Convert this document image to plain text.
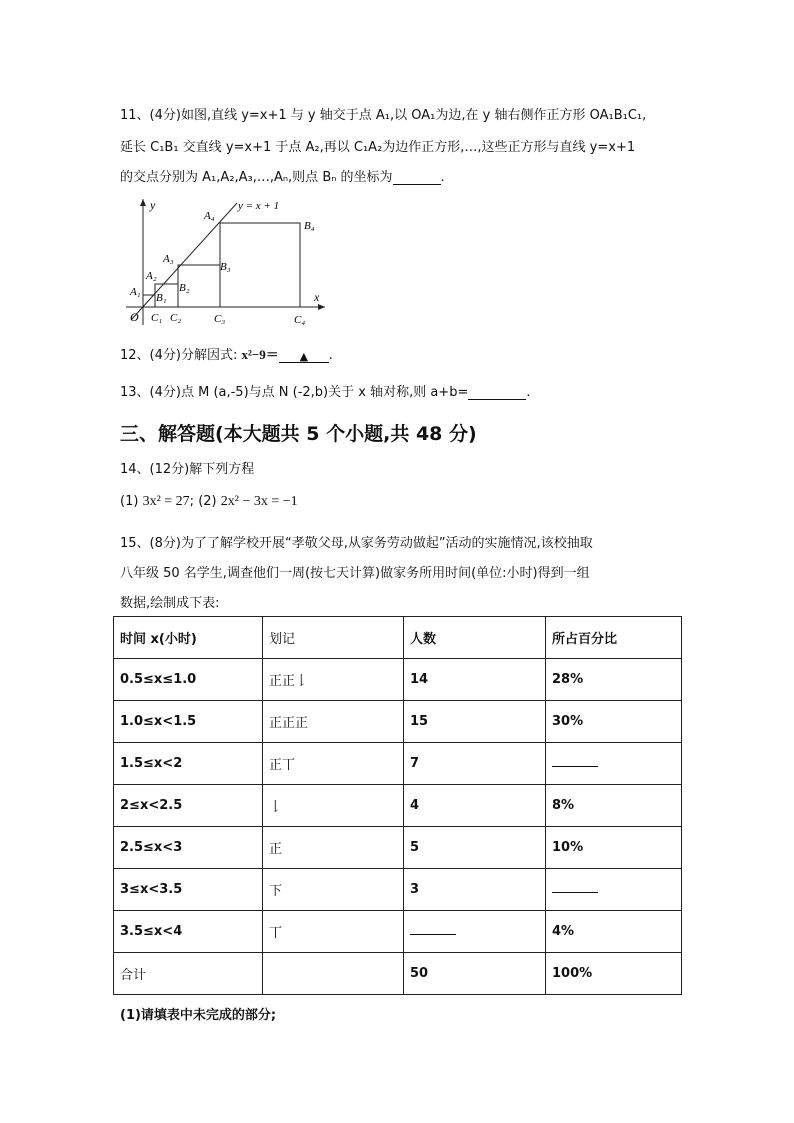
11、(4分)如图,直线 y=x+1 与 y 轴交于点 A₁,以 OA₁为边,在 y 轴右侧作正方形 OA₁B₁C₁,
延长 C₁B₁ 交直线 y=x+1 于点 A₂,再以 C₁A₂为边作正方形,…,这些正方形与直线 y=x+1
的交点分别为 A₁,A₂,A₃,…,Aₙ,则点 Bₙ 的坐标为	.
y
x
O
y = x + 1
A₁
A₂
A₃
A₄
B₁
B₂
B₃
B₄
C₁ C₂	C₃	C₄
12、(4分)分解因式: x²−9＝ ▲ .
13、(4分)点 M (a,-5)与点 N (-2,b)关于 x 轴对称,则 a+b=	.
三、解答题(本大题共 5 个小题,共 48 分)
14、(12分)解下列方程
(1) 3x² = 27; (2) 2x² − 3x = −1
15、(8分)为了了解学校开展“孝敬父母,从家务劳动做起”活动的实施情况,该校抽取
八年级 50 名学生,调查他们一周(按七天计算)做家务所用时间(单位:小时)得到一组
数据,绘制成下表:
时间 x(小时)	划记	人数	所占百分比
0.5≤x≤1.0	正正𠄌	14	28%
1.0≤x<1.5	正正正	15	30%
1.5≤x<2	正丅	7	
2≤x<2.5	𠄌	4	8%
2.5≤x<3	正	5	10%
3≤x<3.5	下	3	
3.5≤x<4	丅		4%
合计		50	100%
(1)请填表中未完成的部分;
